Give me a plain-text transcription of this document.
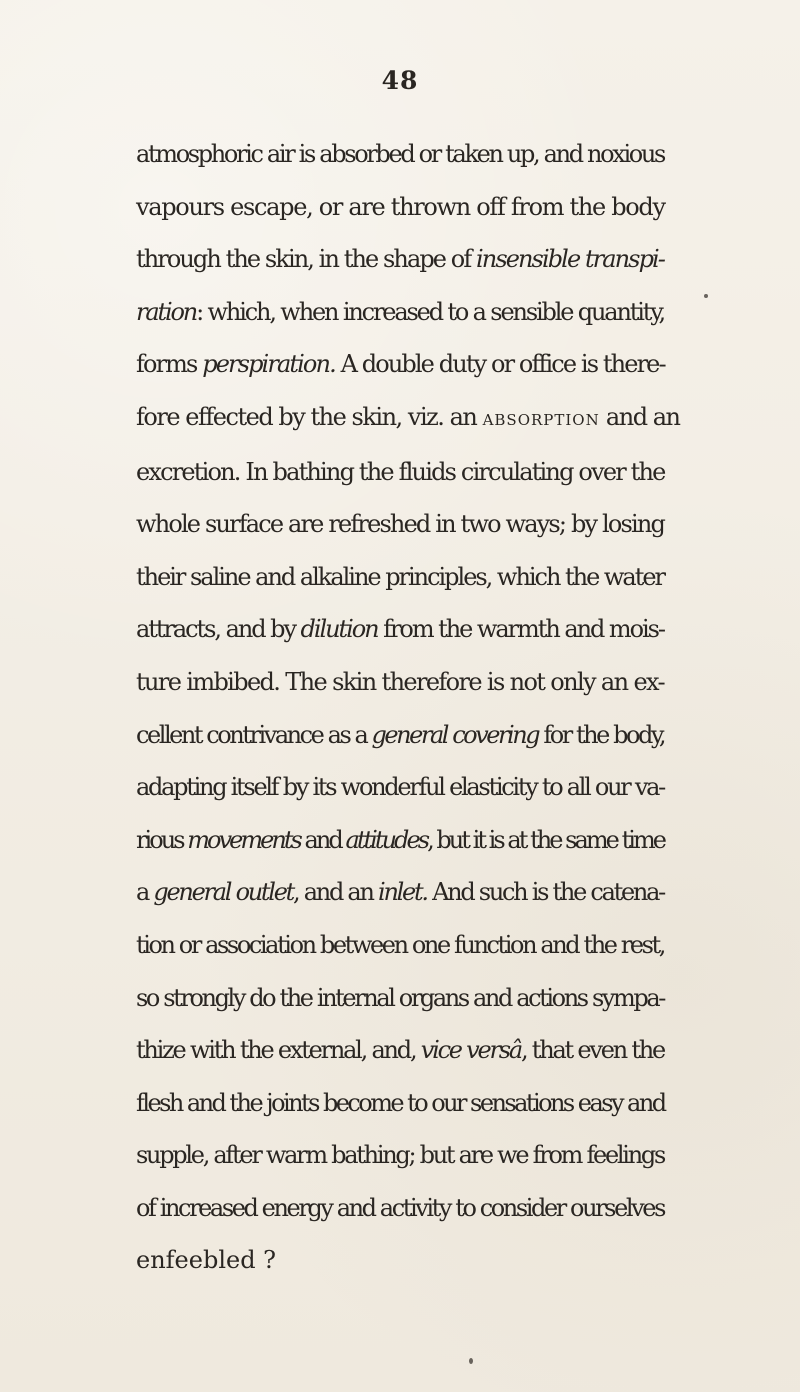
48
atmosphoric air is absorbed or taken up, and noxious
vapours escape, or are thrown off from the body
through the skin, in the shape of insensible transpi-
ration: which, when increased to a sensible quantity,
forms perspiration. A double duty or office is there-
fore effected by the skin, viz. an absorption and an
excretion. In bathing the fluids circulating over the
whole surface are refreshed in two ways; by losing
their saline and alkaline principles, which the water
attracts, and by dilution from the warmth and mois-
ture imbibed. The skin therefore is not only an ex-
cellent contrivance as a general covering for the body,
adapting itself by its wonderful elasticity to all our va-
rious movements and attitudes, but it is at the same time
a general outlet, and an inlet. And such is the catena-
tion or association between one function and the rest,
so strongly do the internal organs and actions sympa-
thize with the external, and, vice versâ, that even the
flesh and the joints become to our sensations easy and
supple, after warm bathing; but are we from feelings
of increased energy and activity to consider ourselves
enfeebled ?
